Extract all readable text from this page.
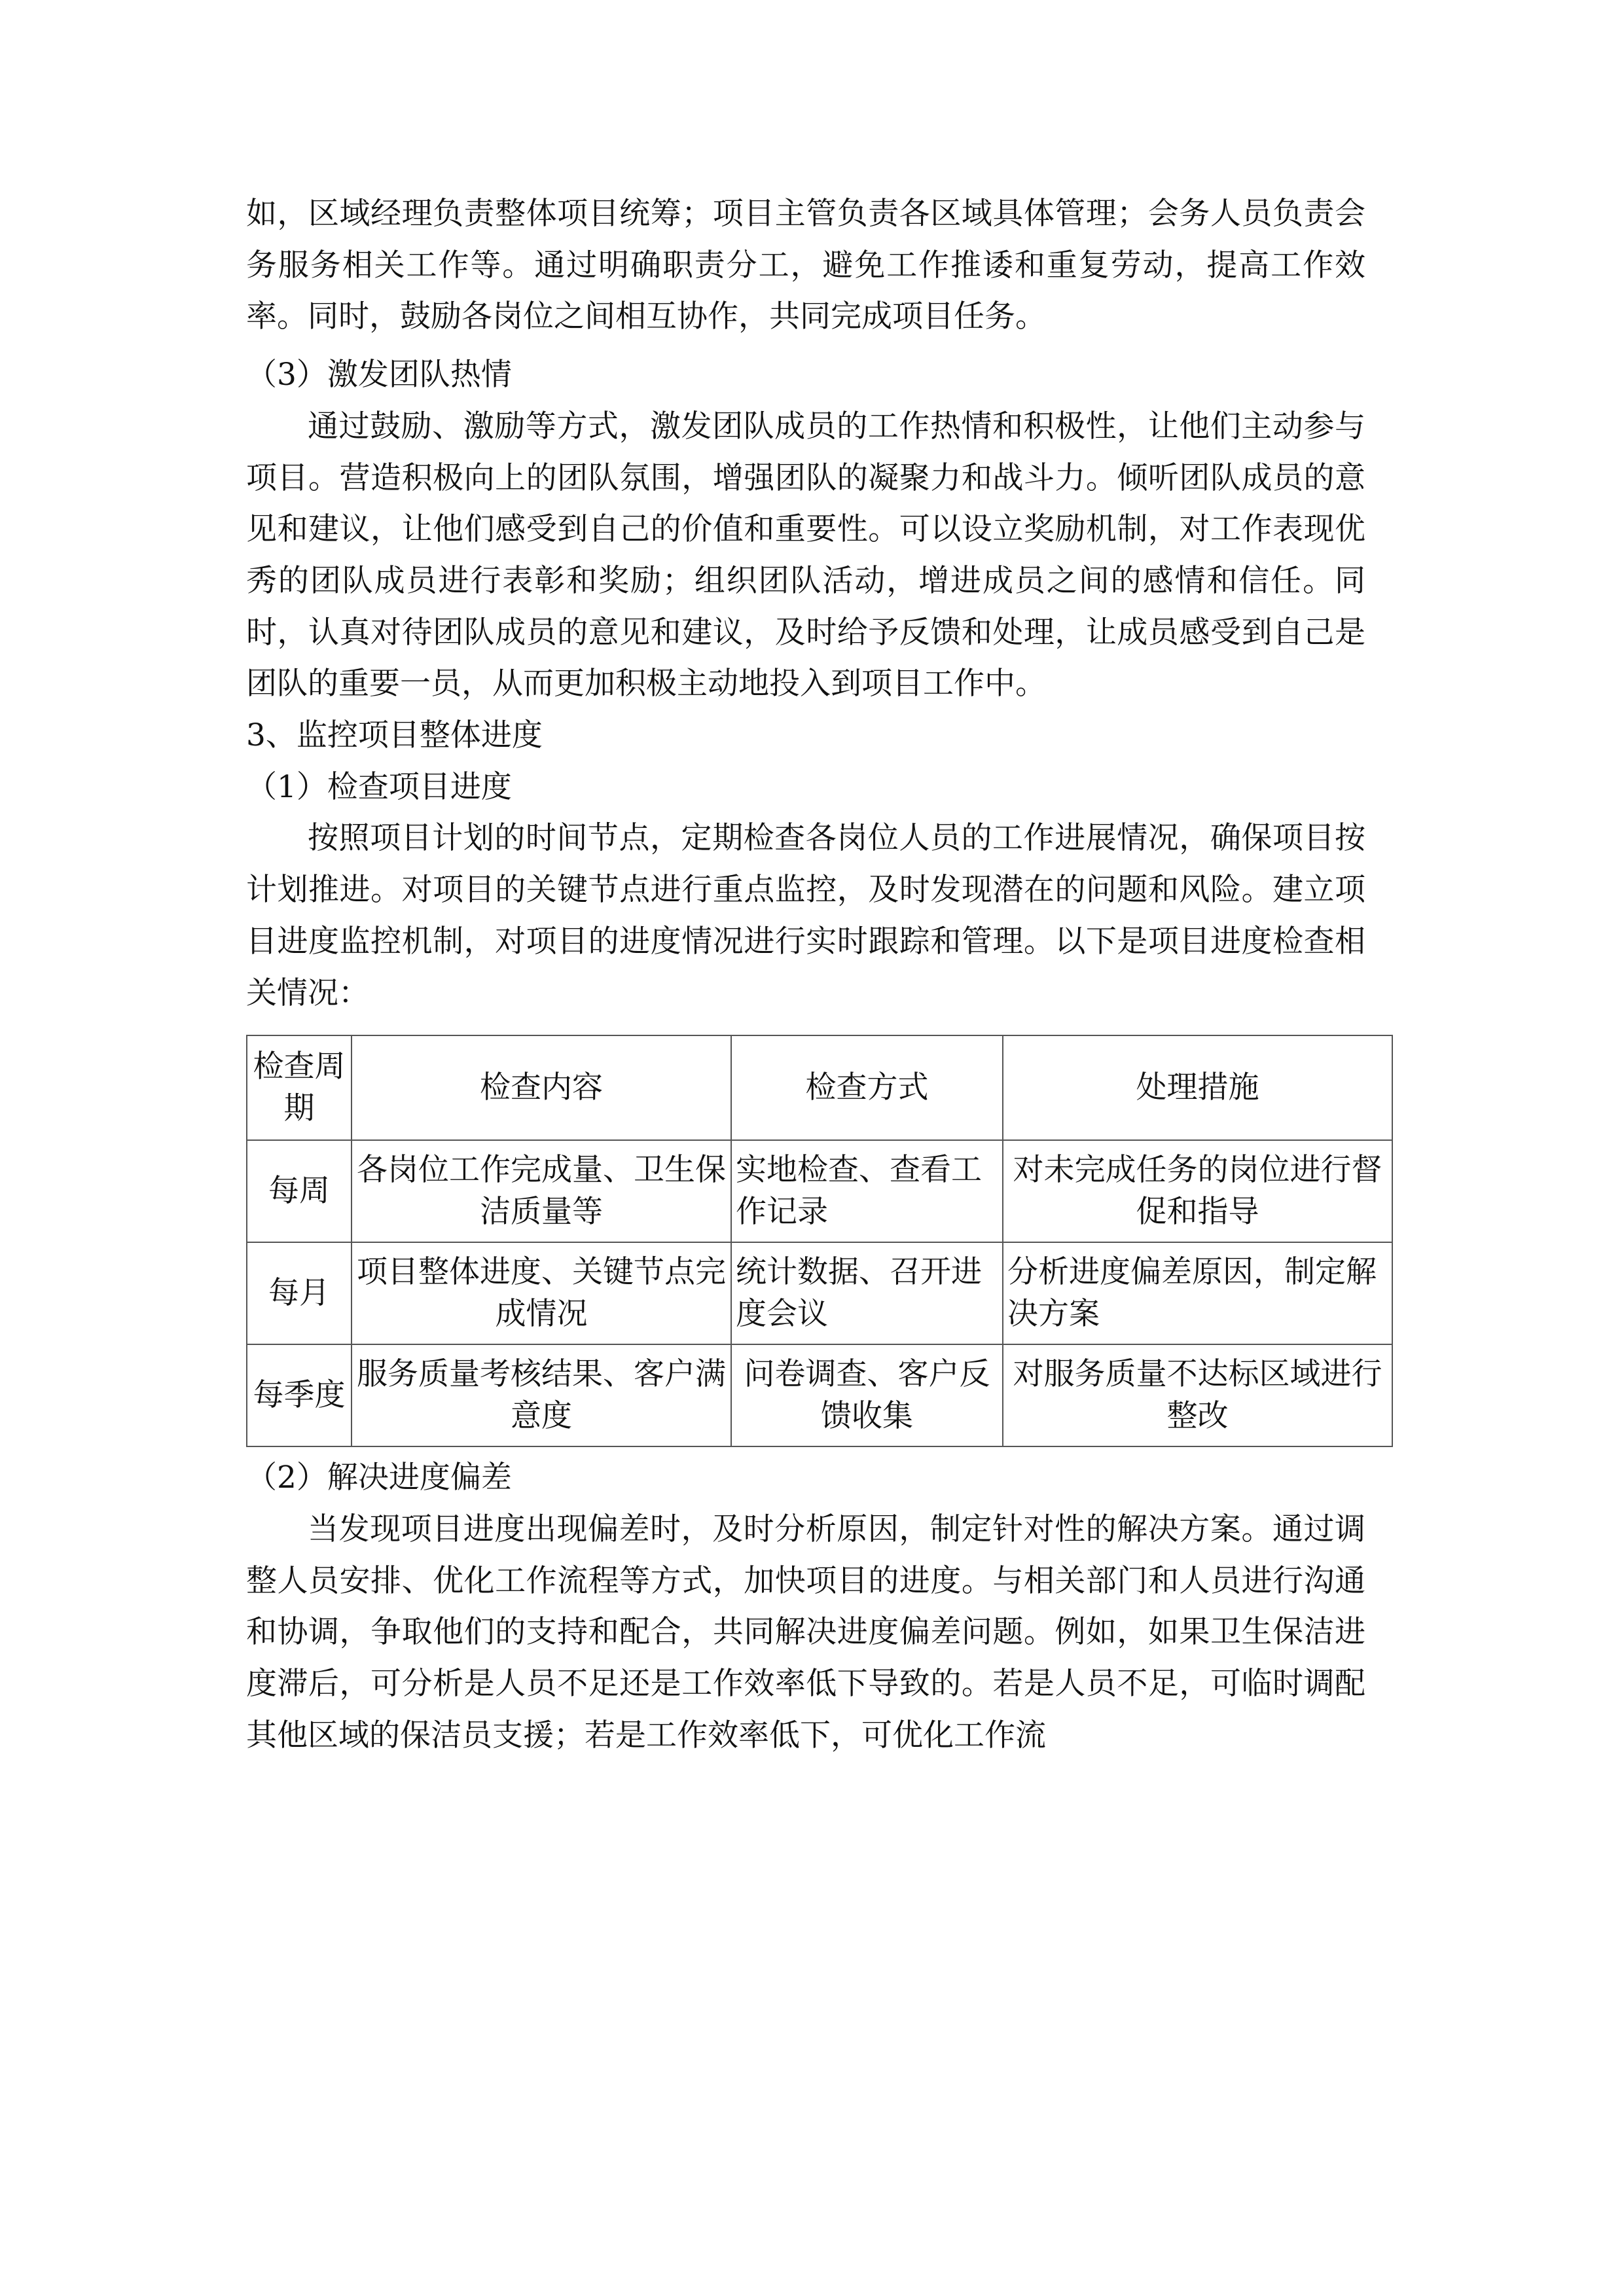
如，区域经理负责整体项目统筹；项目主管负责各区域具体管理；会务人员负责会务服务相关工作等。通过明确职责分工，避免工作推诿和重复劳动，提高工作效率。同时，鼓励各岗位之间相互协作，共同完成项目任务。

（3）激发团队热情

通过鼓励、激励等方式，激发团队成员的工作热情和积极性，让他们主动参与项目。营造积极向上的团队氛围，增强团队的凝聚力和战斗力。倾听团队成员的意见和建议，让他们感受到自己的价值和重要性。可以设立奖励机制，对工作表现优秀的团队成员进行表彰和奖励；组织团队活动，增进成员之间的感情和信任。同时，认真对待团队成员的意见和建议，及时给予反馈和处理，让成员感受到自己是团队的重要一员，从而更加积极主动地投入到项目工作中。

3、监控项目整体进度

（1）检查项目进度

按照项目计划的时间节点，定期检查各岗位人员的工作进展情况，确保项目按计划推进。对项目的关键节点进行重点监控，及时发现潜在的问题和风险。建立项目进度监控机制，对项目的进度情况进行实时跟踪和管理。以下是项目进度检查相关情况：

检查周期	检查内容	检查方式	处理措施
每周	各岗位工作完成量、卫生保洁质量等	实地检查、查看工作记录	对未完成任务的岗位进行督促和指导
每月	项目整体进度、关键节点完成情况	统计数据、召开进度会议	分析进度偏差原因，制定解决方案
每季度	服务质量考核结果、客户满意度	问卷调查、客户反馈收集	对服务质量不达标区域进行整改

（2）解决进度偏差

当发现项目进度出现偏差时，及时分析原因，制定针对性的解决方案。通过调整人员安排、优化工作流程等方式，加快项目的进度。与相关部门和人员进行沟通和协调，争取他们的支持和配合，共同解决进度偏差问题。例如，如果卫生保洁进度滞后，可分析是人员不足还是工作效率低下导致的。若是人员不足，可临时调配其他区域的保洁员支援；若是工作效率低下，可优化工作流
